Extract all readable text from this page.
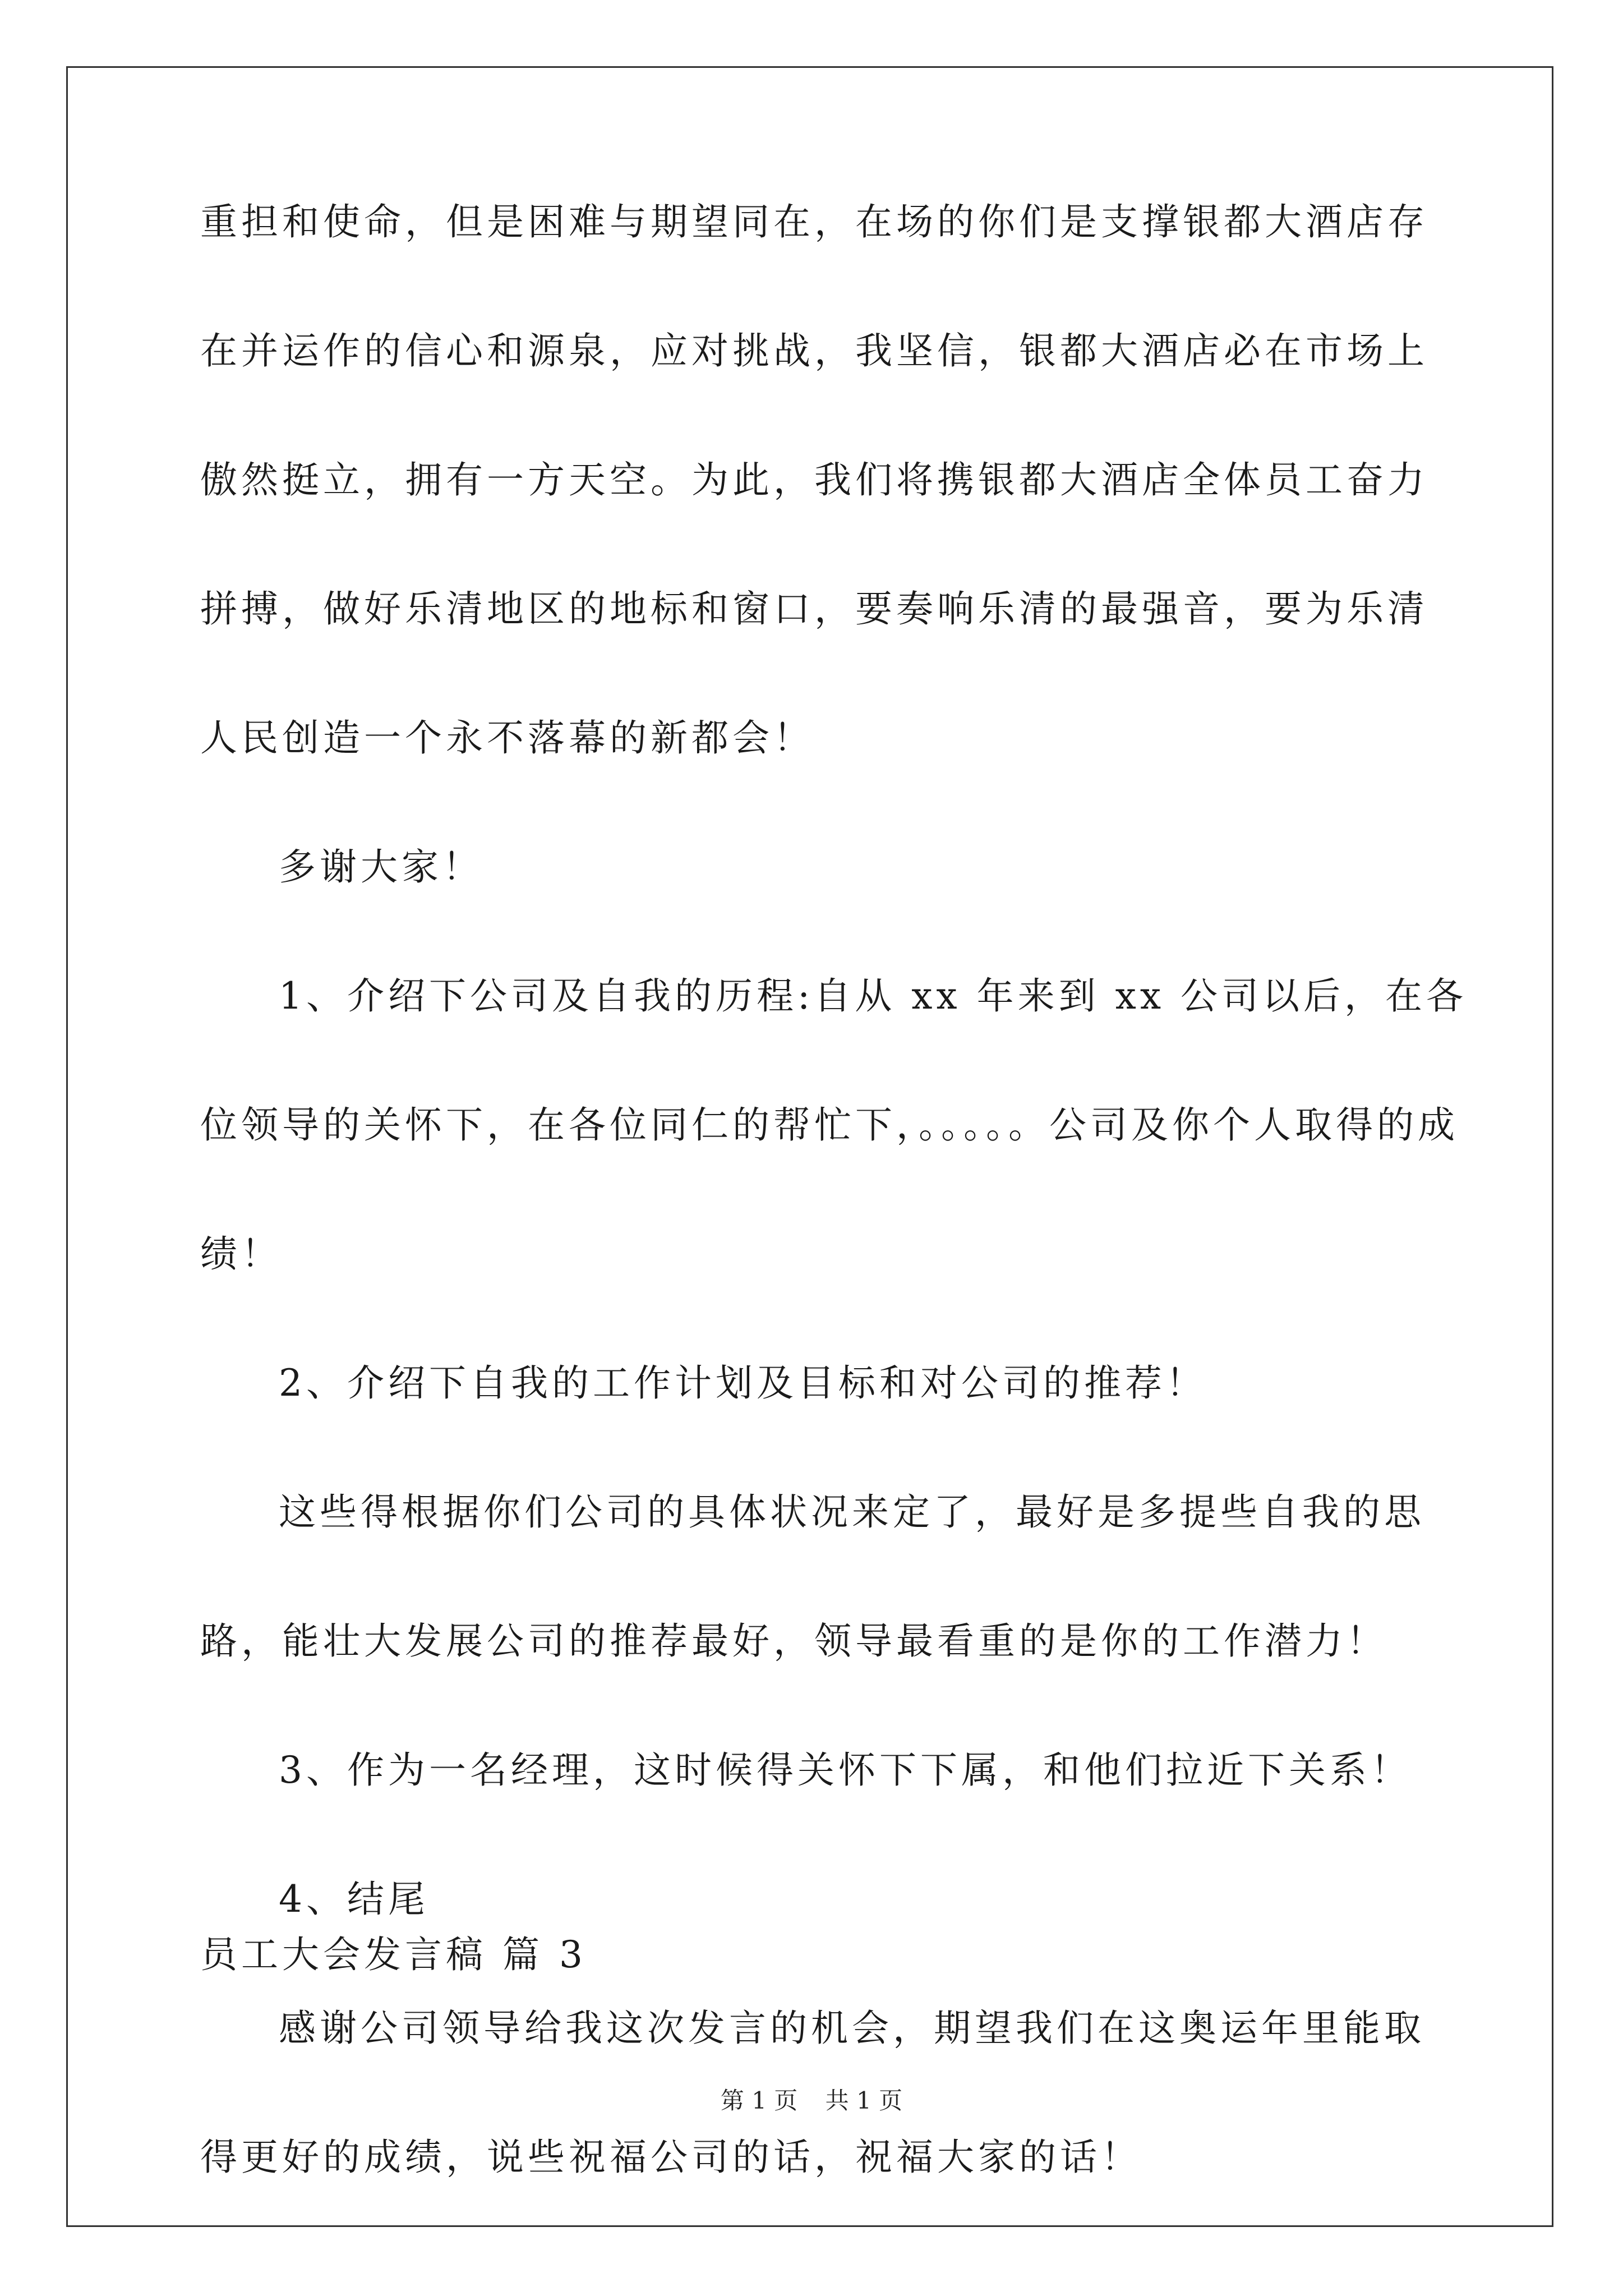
重担和使命，但是困难与期望同在，在场的你们是支撑银都大酒店存
在并运作的信心和源泉，应对挑战，我坚信，银都大酒店必在市场上
傲然挺立，拥有一方天空。为此，我们将携银都大酒店全体员工奋力
拼搏，做好乐清地区的地标和窗口，要奏响乐清的最强音，要为乐清
人民创造一个永不落幕的新都会！
多谢大家！
1、介绍下公司及自我的历程:自从 xx 年来到 xx 公司以后，在各
位领导的关怀下，在各位同仁的帮忙下，。。。。。公司及你个人取得的成
绩！
2、介绍下自我的工作计划及目标和对公司的推荐！
这些得根据你们公司的具体状况来定了，最好是多提些自我的思
路，能壮大发展公司的推荐最好，领导最看重的是你的工作潜力！
3、作为一名经理，这时候得关怀下下属，和他们拉近下关系！
4、结尾
感谢公司领导给我这次发言的机会，期望我们在这奥运年里能取
得更好的成绩，说些祝福公司的话，祝福大家的话！
员工大会发言稿 篇 3
第 1 页 共 1 页
